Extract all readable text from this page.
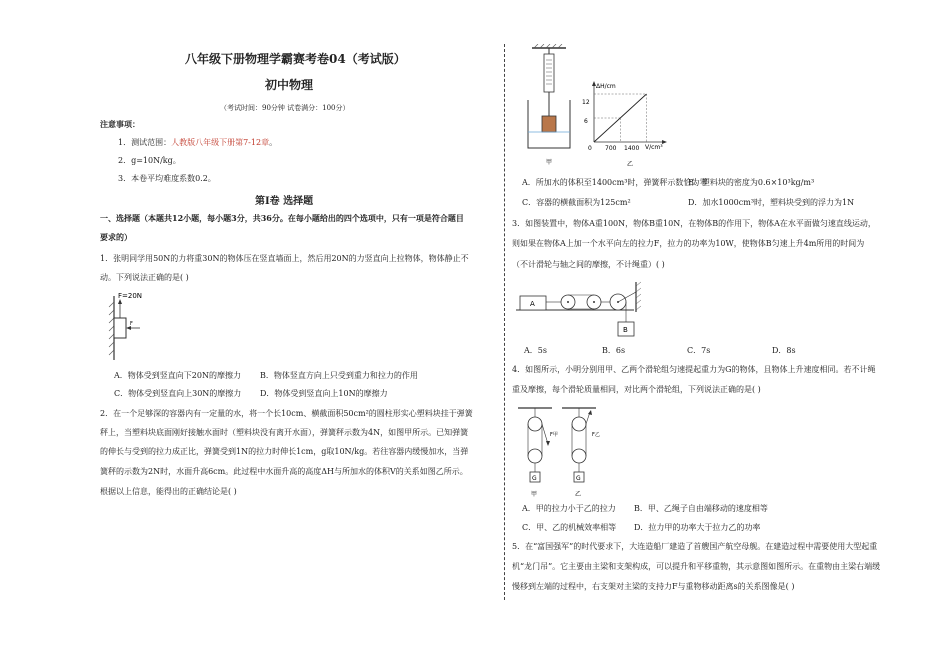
八年级下册物理学霸赛考卷04（考试版）
初中物理
（考试时间：90分钟 试卷满分：100分）
注意事项：
1．测试范围：人教版八年级下册第7-12章。
2．g=10N/kg。
3．本卷平均难度系数0.2。
第Ⅰ卷 选择题
一、选择题（本题共12小题，每小题3分，共36分。在每小题给出的四个选项中，只有一项是符合题目
要求的）
1．张明同学用50N的力将重30N的物体压在竖直墙面上，然后用20N的力竖直向上拉物体，物体静止不
动。下列说法正确的是( )
F=20N
F
A．物体受到竖直向下20N的摩擦力 B．物体竖直方向上只受到重力和拉力的作用
C．物体受到竖直向上30N的摩擦力 D．物体受到竖直向上10N的摩擦力
2．在一个足够深的容器内有一定量的水，将一个长10cm、横截面积50cm²的圆柱形实心塑料块挂于弹簧
秤上，当塑料块底面刚好接触水面时（塑料块没有离开水面），弹簧秤示数为4N，如图甲所示。已知弹簧
的伸长与受到的拉力成正比，弹簧受到1N的拉力时伸长1cm，g取10N/kg。若往容器内缓慢加水，当弹
簧秤的示数为2N时，水面升高6cm。此过程中水面升高的高度ΔH与所加水的体积V的关系如图乙所示。
根据以上信息，能得出的正确结论是( )
甲
ΔH/cm
V/cm³
0
12
6
700 1400
乙
A．所加水的体积至1400cm³时，弹簧秤示数恰为零
B．塑料块的密度为0.6×10³kg/m³
C．容器的横截面积为125cm²	D．加水1000cm³时，塑料块受到的浮力为1N
3．如图装置中，物体A重100N，物体B重10N，在物体B的作用下，物体A在水平面做匀速直线运动，
则如果在物体A上加一个水平向左的拉力F，拉力的功率为10W，使物体B匀速上升4m所用的时间为
（不计滑轮与轴之间的摩擦，不计绳重）( )
A
B
A．5s	B．6s	C．7s	D．8s
4．如图所示，小明分别用甲、乙两个滑轮组匀速提起重力为G的物体，且物体上升速度相同。若不计绳
重及摩擦，每个滑轮质量相同，对比两个滑轮组，下列说法正确的是( )
F甲
G
甲
F乙
G
乙
A．甲的拉力小于乙的拉力 B．甲、乙绳子自由端移动的速度相等
C．甲、乙的机械效率相等 D．拉力甲的功率大于拉力乙的功率
5．在“富国强军”的时代要求下，大连造船厂建造了首艘国产航空母舰。在建造过程中需要使用大型起重
机“龙门吊”。它主要由主梁和支架构成，可以提升和平移重物，其示意图如图所示。在重物由主梁右端缓
慢移到左端的过程中，右支架对主梁的支持力F与重物移动距离s的关系图像是( )
